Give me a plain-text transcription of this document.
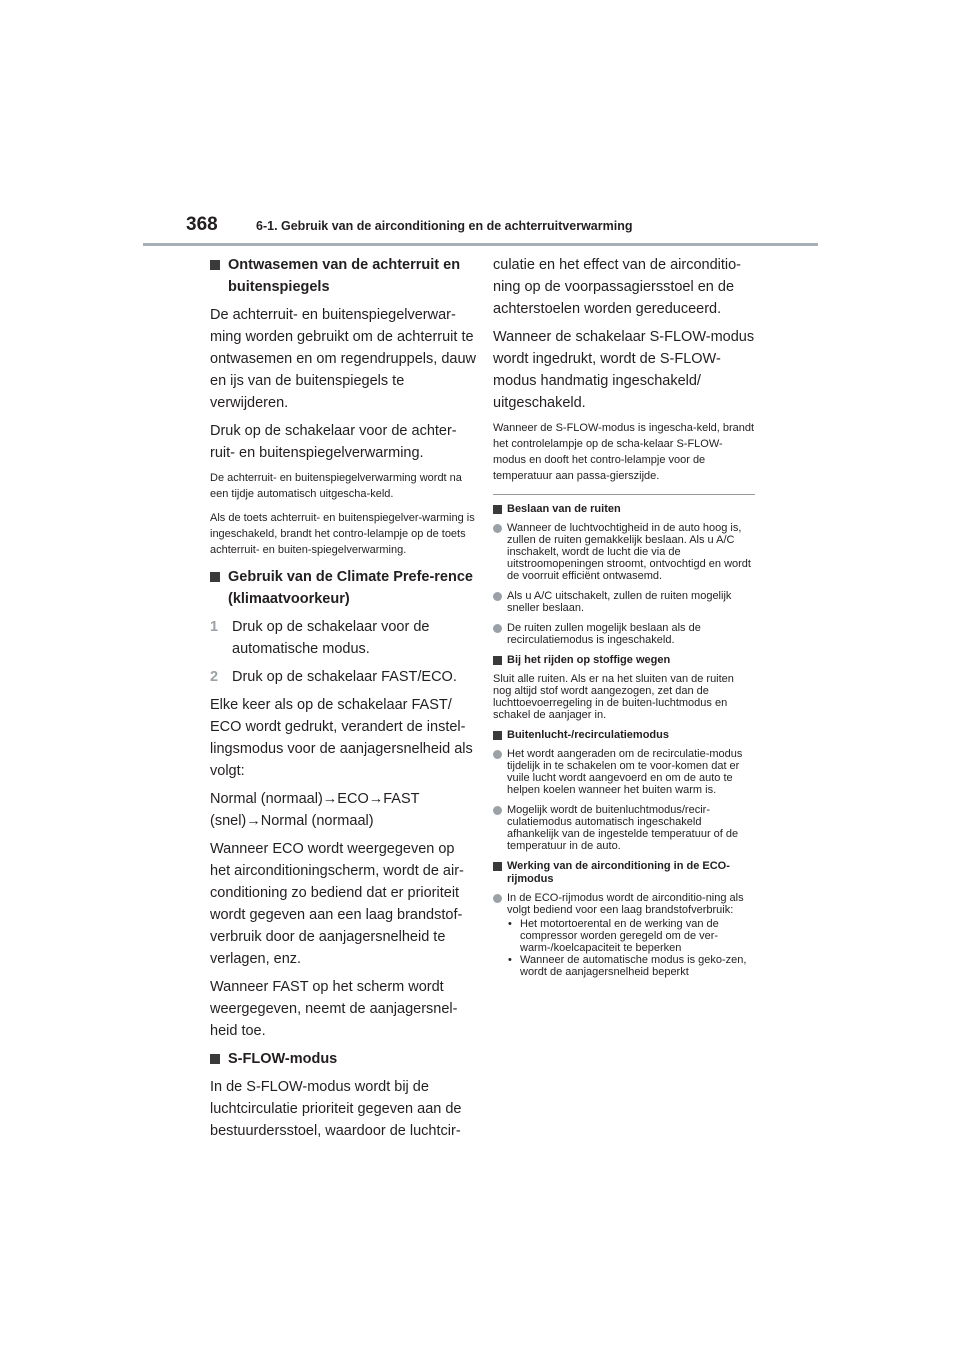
368	6-1. Gebruik van de airconditioning en de achterruitverwarming
Ontwasemen van de achterruit en buitenspiegels
De achterruit- en buitenspiegelverwar-ming worden gebruikt om de achterruit te ontwasemen en om regendruppels, dauw en ijs van de buitenspiegels te verwijderen.
Druk op de schakelaar voor de achter-ruit- en buitenspiegelverwarming.
De achterruit- en buitenspiegelverwarming wordt na een tijdje automatisch uitgescha-keld.
Als de toets achterruit- en buitenspiegelver-warming is ingeschakeld, brandt het contro-lelampje op de toets achterruit- en buiten-spiegelverwarming.
Gebruik van de Climate Prefe-rence (klimaatvoorkeur)
1 Druk op de schakelaar voor de automatische modus.
2 Druk op de schakelaar FAST/ECO.
Elke keer als op de schakelaar FAST/ ECO wordt gedrukt, verandert de instel-lingsmodus voor de aanjagersnelheid als volgt:
Normal (normaal)→ECO→FAST (snel)→Normal (normaal)
Wanneer ECO wordt weergegeven op het airconditioningscherm, wordt de air-conditioning zo bediend dat er prioriteit wordt gegeven aan een laag brandstof-verbruik door de aanjagersnelheid te verlagen, enz.
Wanneer FAST op het scherm wordt weergegeven, neemt de aanjagersnel-heid toe.
S-FLOW-modus
In de S-FLOW-modus wordt bij de luchtcirculatie prioriteit gegeven aan de bestuurdersstoel, waardoor de luchtcir-
culatie en het effect van de airconditio-ning op de voorpassagiersstoel en de achterstoelen worden gereduceerd.
Wanneer de schakelaar S-FLOW-modus wordt ingedrukt, wordt de S-FLOW-modus handmatig ingeschakeld/ uitgeschakeld.
Wanneer de S-FLOW-modus is ingescha-keld, brandt het controlelampje op de scha-kelaar S-FLOW-modus en dooft het contro-lelampje voor de temperatuur aan passa-gierszijde.
Beslaan van de ruiten
Wanneer de luchtvochtigheid in de auto hoog is, zullen de ruiten gemakkelijk beslaan. Als u A/C inschakelt, wordt de lucht die via de uitstroomopeningen stroomt, ontvochtigd en wordt de voorruit efficiënt ontwasemd.
Als u A/C uitschakelt, zullen de ruiten mogelijk sneller beslaan.
De ruiten zullen mogelijk beslaan als de recirculatiemodus is ingeschakeld.
Bij het rijden op stoffige wegen
Sluit alle ruiten. Als er na het sluiten van de ruiten nog altijd stof wordt aangezogen, zet dan de luchttoevoerregeling in de buiten-luchtmodus en schakel de aanjager in.
Buitenlucht-/recirculatiemodus
Het wordt aangeraden om de recirculatie-modus tijdelijk in te schakelen om te voor-komen dat er vuile lucht wordt aangevoerd en om de auto te helpen koelen wanneer het buiten warm is.
Mogelijk wordt de buitenluchtmodus/recir-culatiemodus automatisch ingeschakeld afhankelijk van de ingestelde temperatuur of de temperatuur in de auto.
Werking van de airconditioning in de ECO-rijmodus
In de ECO-rijmodus wordt de airconditio-ning als volgt bediend voor een laag brandstofverbruik:
• Het motortoerental en de werking van de compressor worden geregeld om de ver-warm-/koelcapaciteit te beperken
• Wanneer de automatische modus is geko-zen, wordt de aanjagersnelheid beperkt
